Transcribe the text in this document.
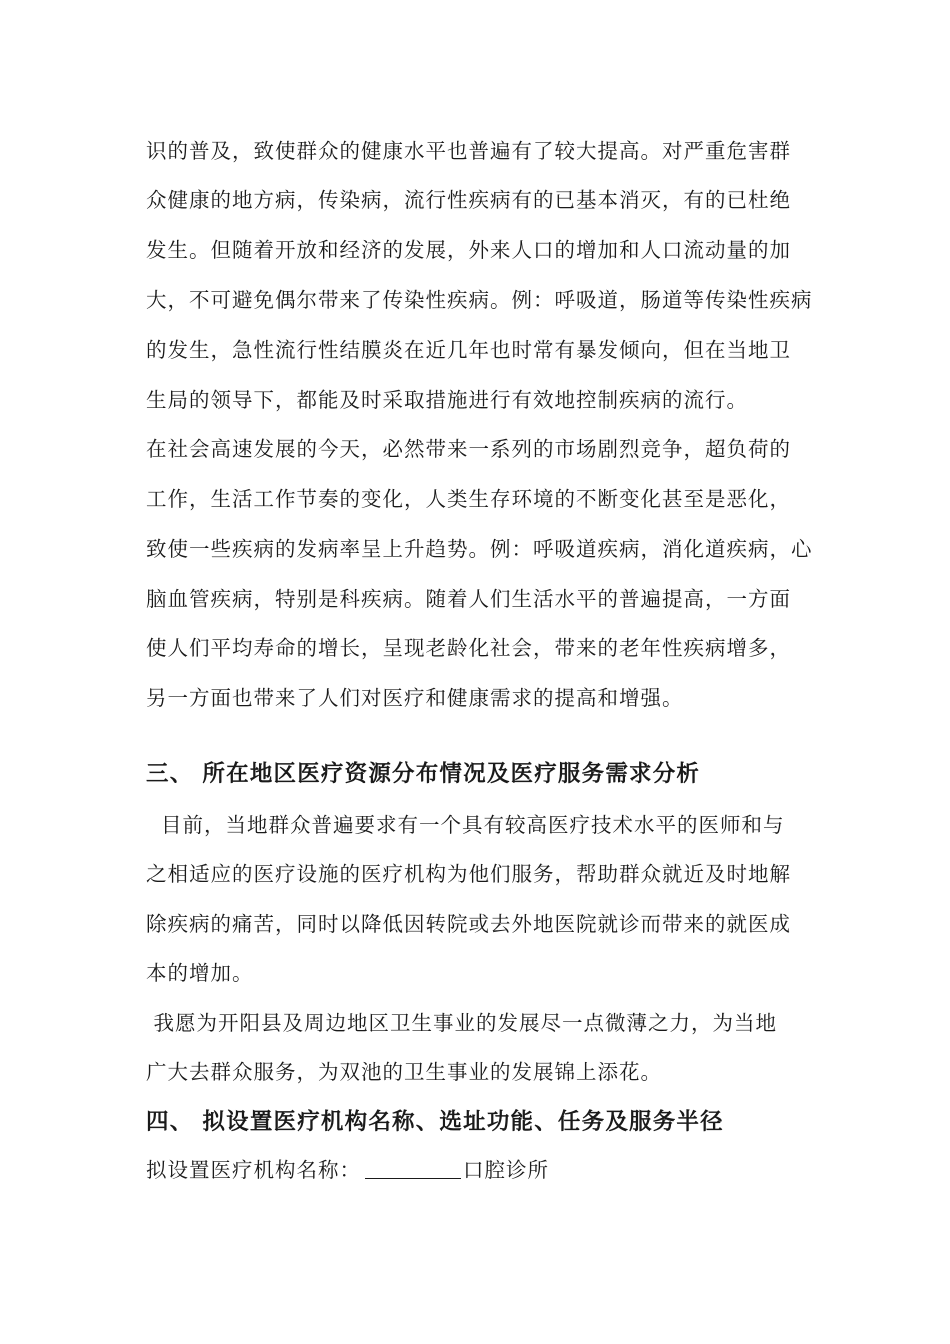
识的普及，致使群众的健康水平也普遍有了较大提高。对严重危害群
众健康的地方病，传染病，流行性疾病有的已基本消灭，有的已杜绝
发生。但随着开放和经济的发展，外来人口的增加和人口流动量的加
大，不可避免偶尔带来了传染性疾病。例：呼吸道，肠道等传染性疾病
的发生，急性流行性结膜炎在近几年也时常有暴发倾向，但在当地卫
生局的领导下，都能及时采取措施进行有效地控制疾病的流行。
在社会高速发展的今天，必然带来一系列的市场剧烈竞争，超负荷的
工作，生活工作节奏的变化，人类生存环境的不断变化甚至是恶化，
致使一些疾病的发病率呈上升趋势。例：呼吸道疾病，消化道疾病，心
脑血管疾病，特别是科疾病。随着人们生活水平的普遍提高，一方面
使人们平均寿命的增长，呈现老龄化社会，带来的老年性疾病增多，
另一方面也带来了人们对医疗和健康需求的提高和增强。
三、 所在地区医疗资源分布情况及医疗服务需求分析
目前，当地群众普遍要求有一个具有较高医疗技术水平的医师和与
之相适应的医疗设施的医疗机构为他们服务，帮助群众就近及时地解
除疾病的痛苦，同时以降低因转院或去外地医院就诊而带来的就医成
本的增加。
我愿为开阳县及周边地区卫生事业的发展尽一点微薄之力，为当地
广大去群众服务，为双池的卫生事业的发展锦上添花。
四、 拟设置医疗机构名称、选址功能、任务及服务半径
拟设置医疗机构名称：	口腔诊所
